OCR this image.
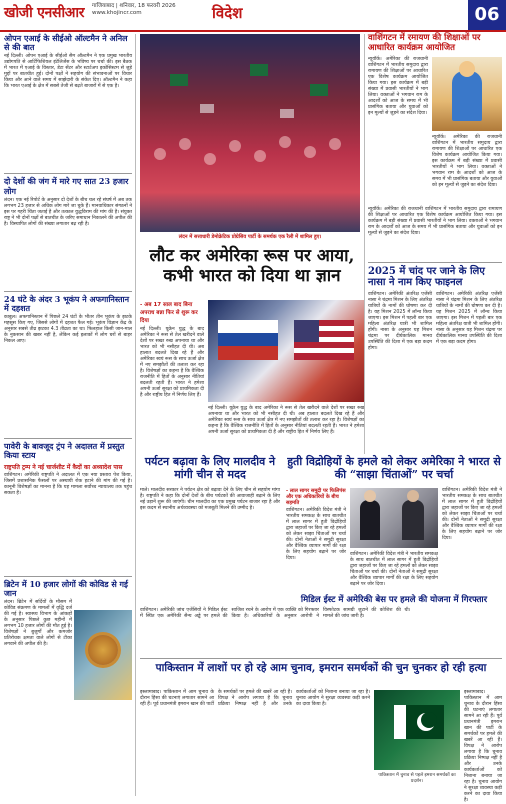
खोजी एनसीआर गाजियाबाद | शनिवार, 18 फरवरी 2026
www.khojincr.com	विदेश	06

ओपन एआई के सीईओ ऑल्टमैन ने अनिल से की बात

नई दिल्ली। ओपन एआई के सीईओ सैम ऑल्टमैन ने एक प्रमुख भारतीय उद्योगपति से आर्टिफिशियल इंटेलिजेंस के भविष्य पर चर्चा की। इस बैठक में भारत में एआई के विस्तार, डेटा सेंटर और स्टार्टअप इकोसिस्टम से जुड़े मुद्दों पर बातचीत हुई। दोनों पक्षों ने सहयोग की संभावनाओं पर विचार किया और आने वाले समय में साझेदारी के संकेत दिए। ऑल्टमैन ने कहा कि भारत एआई के क्षेत्र में सबसे तेजी से बढ़ते बाजारों में से एक है।

दो देशों की जंग में मारे गए सात 23 हजार लोग

लंदन। एक नई रिपोर्ट के अनुसार दो देशों के बीच चल रहे संघर्ष में अब तक लगभग 23 हजार से अधिक लोग मारे जा चुके हैं। मानवाधिकार संगठनों ने इस पर गहरी चिंता जताई है और तत्काल युद्धविराम की मांग की है। संयुक्त राष्ट्र ने भी दोनों पक्षों से बातचीत के जरिए समाधान निकालने की अपील की है। विस्थापित लोगों की संख्या लगातार बढ़ रही है।

24 घंटे के अंदर 3 भूकंप ने अफगानिस्तान में दहशत

काबुल। अफगानिस्तान में पिछले 24 घंटों के भीतर तीन भूकंप के झटके महसूस किए गए, जिससे लोगों में दहशत फैल गई। भूकंप विज्ञान केंद्र के अनुसार सबसे तीव्र झटका 4.3 तीव्रता का था। फिलहाल किसी जान-माल के नुकसान की खबर नहीं है, लेकिन कई इलाकों में लोग घरों से बाहर निकल आए।

पावेरी के बावजूद ट्रंप ने अदालत में प्रस्तुत किया स्टाय

राष्ट्रपति ट्रम्प ने नई चार्जशीट में कैदों का अध्यादेश पास
वाशिंगटन। अमेरिकी राष्ट्रपति ने अदालत में एक नया प्रस्ताव पेश किया, जिसमें प्रशासनिक फैसलों पर अस्थायी रोक हटाने की मांग की गई है। कानूनी विशेषज्ञों का मानना है कि यह मामला सर्वोच्च न्यायालय तक पहुंच सकता है।

ब्रिटेन में 10 हजार लोगों की कोविड से गई जान

लंदन। ब्रिटेन में सर्दियों के मौसम में कोविड संक्रमण के मामलों में वृद्धि दर्ज की गई है। स्वास्थ्य विभाग के आंकड़ों के अनुसार पिछले कुछ महीनों में लगभग 10 हजार लोगों की मौत हुई है। विशेषज्ञों ने बुजुर्गों और कमजोर प्रतिरोधक क्षमता वाले लोगों से टीका लगवाने की अपील की है।
लंदन में सत्ताधारी डेमोक्रेटिक प्रोग्रेसिव पार्टी के समर्थक एक रैली में शामिल हुए।
लौट कर अमेरिका रूस पर आया, कभी भारत को दिया था ज्ञान
- अब 17 साल बाद बिना अपराध बन्ना फिर से शुरू कर दिया
नई दिल्ली। यूक्रेन युद्ध के बाद अमेरिका ने रूस से तेल खरीदने वाले देशों पर सख्त रुख अपनाया था और भारत को भी नसीहत दी थी। अब हालात बदलते दिख रहे हैं और अमेरिका स्वयं रूस के साथ ऊर्जा क्षेत्र में नए समझौतों की तलाश कर रहा है। विशेषज्ञों का कहना है कि वैश्विक राजनीति में हितों के अनुसार नीतियां बदलती रहती हैं। भारत ने हमेशा अपनी ऊर्जा सुरक्षा को प्राथमिकता दी है और राष्ट्रीय हित में निर्णय लिए हैं।
नई दिल्ली। यूक्रेन युद्ध के बाद अमेरिका ने रूस से तेल खरीदने वाले देशों पर सख्त रुख अपनाया था और भारत को भी नसीहत दी थी। अब हालात बदलते दिख रहे हैं और अमेरिका स्वयं रूस के साथ ऊर्जा क्षेत्र में नए समझौतों की तलाश कर रहा है। विशेषज्ञों का कहना है कि वैश्विक राजनीति में हितों के अनुसार नीतियां बदलती रहती हैं। भारत ने हमेशा अपनी ऊर्जा सुरक्षा को प्राथमिकता दी है और राष्ट्रीय हित में निर्णय लिए हैं।
पर्यटन बढ़ावा के लिए मालदीव ने मांगी चीन से मदद
माले। मालदीव सरकार ने पर्यटन क्षेत्र को बढ़ावा देने के लिए चीन से सहयोग मांगा है। राष्ट्रपति ने कहा कि दोनों देशों के बीच पर्यटकों की आवाजाही बढ़ाने के लिए नई उड़ानें शुरू की जाएंगी। चीन मालदीव का एक प्रमुख पर्यटन बाजार रहा है और इस कदम से स्थानीय अर्थव्यवस्था को मजबूती मिलने की उम्मीद है।
हुती विद्रोहियों के हमले को लेकर अमेरिका ने भारत से की “साझा चिंताओं” पर चर्चा
- लाल सागर समुद्री पर फिलिपंस और एक अधिकारियों के बीच सहमति
वाशिंगटन। अमेरिकी विदेश मंत्री ने भारतीय समकक्ष के साथ बातचीत में लाल सागर में हुती विद्रोहियों द्वारा जहाजों पर किए जा रहे हमलों को लेकर साझा चिंताओं पर चर्चा की। दोनों नेताओं ने समुद्री सुरक्षा और वैश्विक व्यापार मार्गों की रक्षा के लिए सहयोग बढ़ाने पर जोर दिया।
वाशिंगटन। अमेरिकी विदेश मंत्री ने भारतीय समकक्ष के साथ बातचीत में लाल सागर में हुती विद्रोहियों द्वारा जहाजों पर किए जा रहे हमलों को लेकर साझा चिंताओं पर चर्चा की। दोनों नेताओं ने समुद्री सुरक्षा और वैश्विक व्यापार मार्गों की रक्षा के लिए सहयोग बढ़ाने पर जोर दिया।
वाशिंगटन। अमेरिकी विदेश मंत्री ने भारतीय समकक्ष के साथ बातचीत में लाल सागर में हुती विद्रोहियों द्वारा जहाजों पर किए जा रहे हमलों को लेकर साझा चिंताओं पर चर्चा की। दोनों नेताओं ने समुद्री सुरक्षा और वैश्विक व्यापार मार्गों की रक्षा के लिए सहयोग बढ़ाने पर जोर दिया।
मिडिल ईस्ट में अमेरिकी बेस पर हमले की योजना में गिरफ्तार
वाशिंगटन। अमेरिकी जांच एजेंसियों ने मिडिल ईस्ट में स्थित एक अमेरिकी सैन्य अड्डे पर हमले की साजिश रचने के आरोप में एक व्यक्ति को गिरफ्तार किया है। अधिकारियों के अनुसार आरोपी ने विस्फोटक सामग्री जुटाने की कोशिश की थी। मामले की जांच जारी है।
पाकिस्तान में लाशों पर हो रहे आम चुनाव, इमरान समर्थकों की चुन चुनकर हो रही हत्या
इस्लामाबाद। पाकिस्तान में आम चुनाव के दौरान हिंसा की घटनाएं लगातार सामने आ रही हैं। पूर्व प्रधानमंत्री इमरान खान की पार्टी के समर्थकों पर हमले की खबरें आ रही हैं। विपक्ष ने आरोप लगाया है कि चुनाव प्रक्रिया निष्पक्ष नहीं है और उनके कार्यकर्ताओं को निशाना बनाया जा रहा है। चुनाव आयोग ने सुरक्षा व्यवस्था कड़ी करने का दावा किया है।
इस्लामाबाद। पाकिस्तान में आम चुनाव के दौरान हिंसा की घटनाएं लगातार सामने आ रही हैं। पूर्व प्रधानमंत्री इमरान खान की पार्टी के समर्थकों पर हमले की खबरें आ रही हैं। विपक्ष ने आरोप लगाया है कि चुनाव प्रक्रिया निष्पक्ष नहीं है और उनके कार्यकर्ताओं को निशाना बनाया जा रहा है। चुनाव आयोग ने सुरक्षा व्यवस्था कड़ी करने का दावा किया है।
पाकिस्तान में चुनाव से पहले इमरान समर्थकों का प्रदर्शन।

वाशिंगटन में रमायण की शिक्षाओं पर आधारित कार्यक्रम आयोजित

न्यूयॉर्क। अमेरिका की राजधानी वाशिंगटन में भारतीय समुदाय द्वारा रामायण की शिक्षाओं पर आधारित एक विशेष कार्यक्रम आयोजित किया गया। इस कार्यक्रम में बड़ी संख्या में प्रवासी भारतीयों ने भाग लिया। वक्ताओं ने भगवान राम के आदर्शों को आज के समय में भी प्रासंगिक बताया और युवाओं को इन मूल्यों से जुड़ने का संदेश दिया।
न्यूयॉर्क। अमेरिका की राजधानी वाशिंगटन में भारतीय समुदाय द्वारा रामायण की शिक्षाओं पर आधारित एक विशेष कार्यक्रम आयोजित किया गया। इस कार्यक्रम में बड़ी संख्या में प्रवासी भारतीयों ने भाग लिया। वक्ताओं ने भगवान राम के आदर्शों को आज के समय में भी प्रासंगिक बताया और युवाओं को इन मूल्यों से जुड़ने का संदेश दिया।
न्यूयॉर्क। अमेरिका की राजधानी वाशिंगटन में भारतीय समुदाय द्वारा रामायण की शिक्षाओं पर आधारित एक विशेष कार्यक्रम आयोजित किया गया। इस कार्यक्रम में बड़ी संख्या में प्रवासी भारतीयों ने भाग लिया। वक्ताओं ने भगवान राम के आदर्शों को आज के समय में भी प्रासंगिक बताया और युवाओं को इन मूल्यों से जुड़ने का संदेश दिया।

2025 में चांद पर जाने के लिए नासा ने नाम किए फाइनल

वाशिंगटन। अमेरिकी अंतरिक्ष एजेंसी नासा ने चंद्रमा मिशन के लिए अंतरिक्ष यात्रियों के नामों की घोषणा कर दी है। यह मिशन 2025 में लॉन्च किया जाएगा। इस मिशन में पहली बार एक महिला अंतरिक्ष यात्री भी शामिल होंगी। नासा के अनुसार यह मिशन चंद्रमा पर दीर्घकालिक मानव उपस्थिति की दिशा में एक बड़ा कदम होगा।
वाशिंगटन। अमेरिकी अंतरिक्ष एजेंसी नासा ने चंद्रमा मिशन के लिए अंतरिक्ष यात्रियों के नामों की घोषणा कर दी है। यह मिशन 2025 में लॉन्च किया जाएगा। इस मिशन में पहली बार एक महिला अंतरिक्ष यात्री भी शामिल होंगी। नासा के अनुसार यह मिशन चंद्रमा पर दीर्घकालिक मानव उपस्थिति की दिशा में एक बड़ा कदम होगा।
